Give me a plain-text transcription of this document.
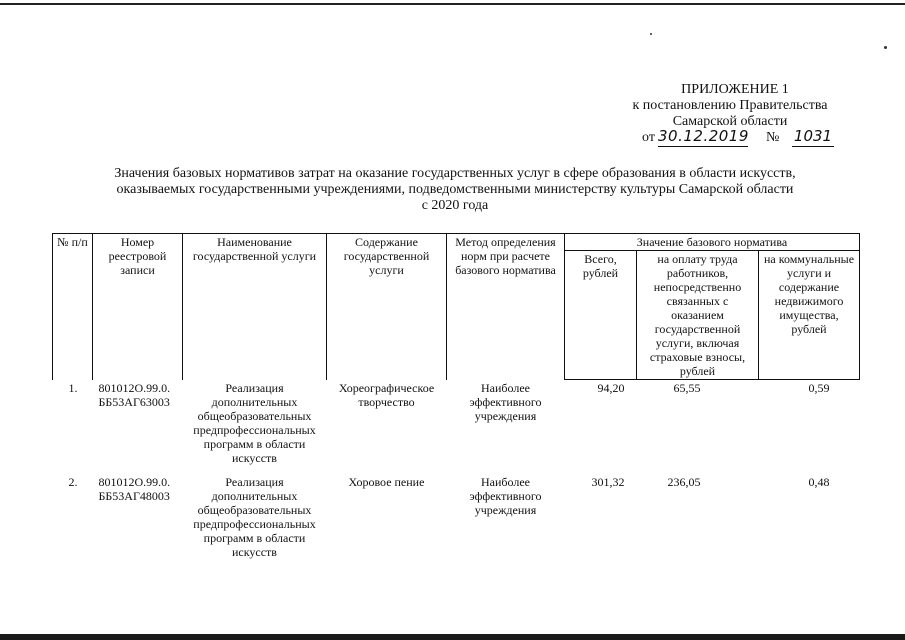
ПРИЛОЖЕНИЕ 1
к постановлению Правительства
Самарской области
от 30.12.2019 № 1031
Значения базовых нормативов затрат на оказание государственных услуг в сфере образования в области искусств,
оказываемых государственными учреждениями, подведомственными министерству культуры Самарской области
с 2020 года
№ п/п	Номер реестровой записи	Наименование государственной услуги	Содержание государственной услуги	Метод определения норм при расчете базового норматива	Значение базового норматива		
					Всего, рублей	на оплату труда работников, непосредственно связанных с оказанием государственной услуги, включая страховые взносы, рублей	на коммунальные услуги и содержание недвижимого имущества, рублей
1.	801012О.99.0. ББ53АГ63003	Реализация дополнительных общеобразовательных предпрофессиональных программ в области искусств	Хореографическое творчество	Наиболее эффективного учреждения	94,20	65,55	0,59
2.	801012О.99.0. ББ53АГ48003	Реализация дополнительных общеобразовательных предпрофессиональных программ в области искусств	Хоровое пение	Наиболее эффективного учреждения	301,32	236,05	0,48
